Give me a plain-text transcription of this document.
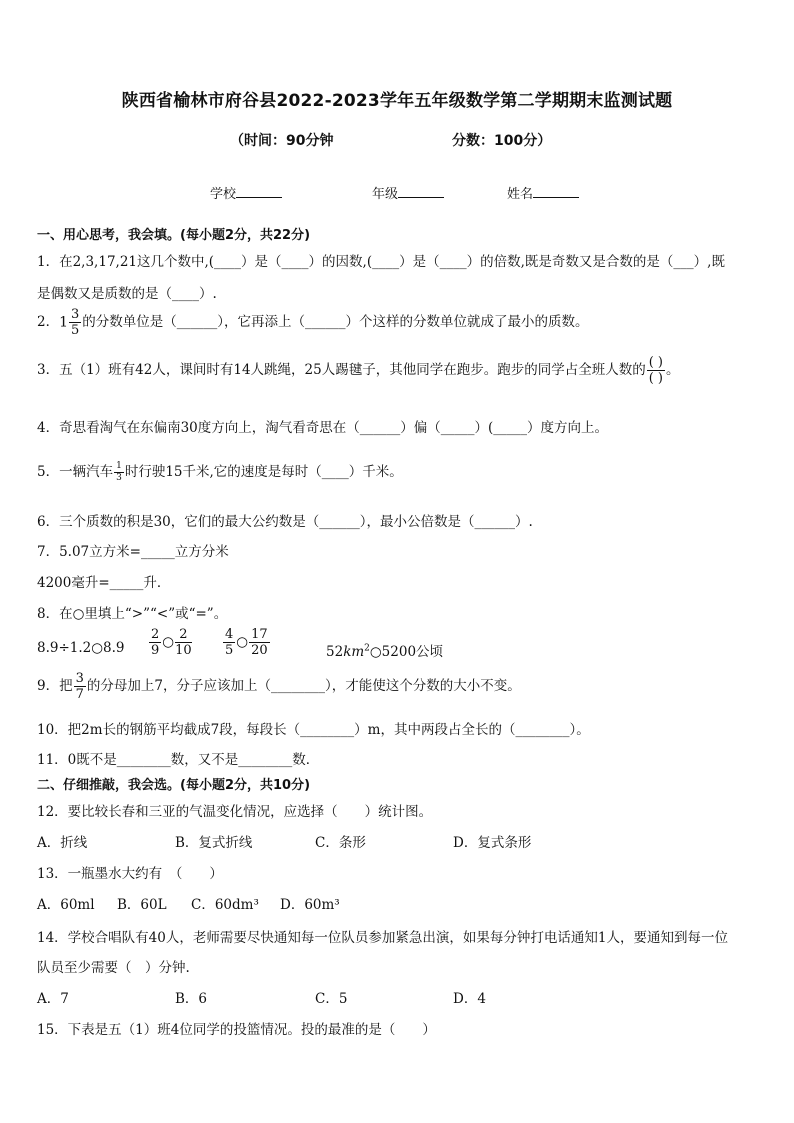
陕西省榆林市府谷县2022-2023学年五年级数学第二学期期末监测试题
（时间：90分钟	分数：100分）
学校	年级	姓名
一、用心思考，我会填。(每小题2分，共22分)
1．在2,3,17,21这几个数中,(____）是（____）的因数,(____）是（____）的倍数,既是奇数又是合数的是（___）,既
是偶数又是质数的是（____）.
2．$1 \frac{3}{5}$ 的分数单位是（______），它再添上（______）个这样的分数单位就成了最小的质数。
3．五（1）班有42人，课间时有14人跳绳，25人踢毽子，其他同学在跑步。跑步的同学占全班人数的 $\frac{( )}{( )}$ 。
4．奇思看淘气在东偏南30度方向上，淘气看奇思在（______）偏（_____）(_____）度方向上。
5．一辆汽车 $\frac{1}{3}$ 时行驶15千米,它的速度是每时（____）千米。
6．三个质数的积是30，它们的最大公约数是（______），最小公倍数是（______）.
7．5.07立方米=_____立方分米
4200毫升=_____升．
8．在○里填上“>”“<”或“=”。
8.9÷1.2○8.9 $\frac{2}{9}$ ○ $\frac{2}{10} \frac{4}{5}$ ○ $\frac{17}{20}$	$52km^2○5200$公顷
9．把 $\frac{3}{7}$ 的分母加上7，分子应该加上（________），才能使这个分数的大小不变。
10．把2m长的钢筋平均截成7段，每段长（________）m，其中两段占全长的（________）。
11．0既不是________数，又不是________数．
二、仔细推敲，我会选。(每小题2分，共10分)
12．要比较长春和三亚的气温变化情况，应选择（　　）统计图。
A．折线	B．复式折线	C．条形	D．复式条形
13．一瓶墨水大约有　（　　）
A．60ml B．60L C．60dm³ D．60m³
14．学校合唱队有40人，老师需要尽快通知每一位队员参加紧急出演，如果每分钟打电话通知1人，要通知到每一位
队员至少需要（　）分钟.
A．7	B．6	C．5	D．4
15．下表是五（1）班4位同学的投篮情况。投的最准的是（　　）
